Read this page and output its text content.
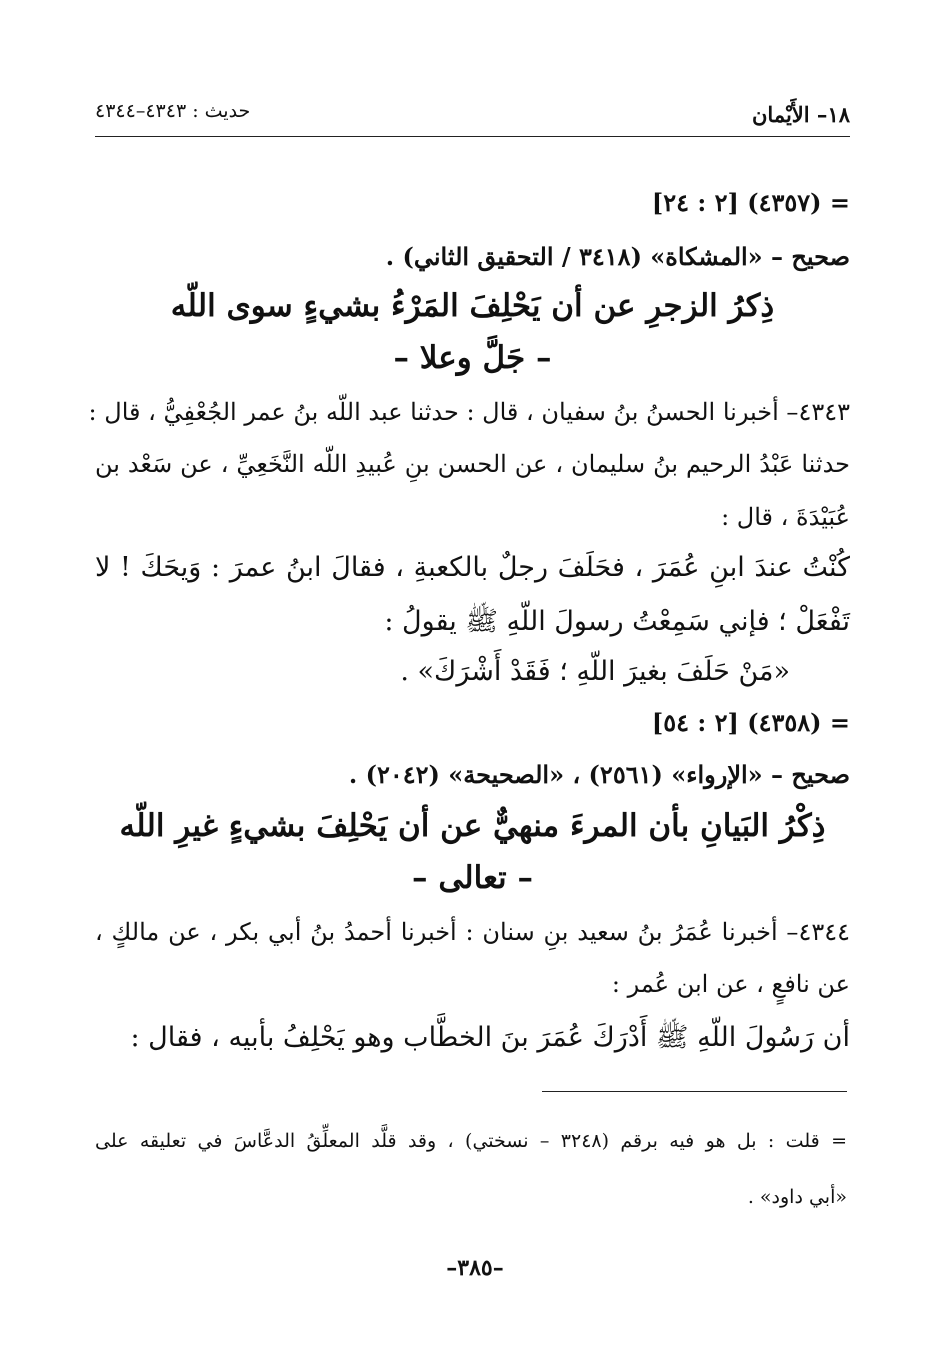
١٨– الأَيْمان
حديث : ٤٣٤٣–٤٣٤٤
= (٤٣٥٧) [٢ : ٢٤]
صحيح – «المشكاة» (٣٤١٨ / التحقيق الثاني) .
ذِكرُ الزجرِ عن أن يَحْلِفَ المَرْءُ بشيءٍ سوى اللّه
– جَلَّ وعلا –
٤٣٤٣– أخبرنا الحسنُ بنُ سفيان ، قال : حدثنا عبد اللّه بنُ عمر الجُعْفِيُّ ، قال :
حدثنا عَبْدُ الرحيم بنُ سليمان ، عن الحسن بنِ عُبيدِ اللّه النَّخَعِيِّ ، عن سَعْد بن
عُبَيْدَةَ ، قال :
كُنْتُ عندَ ابنِ عُمَرَ ، فحَلَفَ رجلٌ بالكعبةِ ، فقالَ ابنُ عمرَ : وَيحَكَ ! لا
تَفْعَلْ ؛ فإني سَمِعْتُ رسولَ اللّهِ ﷺ يقولُ :
«مَنْ حَلَفَ بغيرَ اللّهِ ؛ فَقَدْ أَشْرَكَ» .
= (٤٣٥٨) [٢ : ٥٤]
صحيح – «الإرواء» (٢٥٦١) ، «الصحيحة» (٢٠٤٢) .
ذِكْرُ البَيانِ بأن المرءَ منهيٌّ عن أن يَحْلِفَ بشيءٍ غيرِ اللّه
– تعالى –
٤٣٤٤– أخبرنا عُمَرُ بنُ سعيد بنِ سنان : أخبرنا أحمدُ بنُ أبي بكر ، عن مالكٍ ،
عن نافعٍ ، عن ابن عُمر :
أن رَسُولَ اللّهِ ﷺ أَدْرَكَ عُمَرَ بنَ الخطَّاب وهو يَحْلِفُ بأبيه ، فقال :
= قلت : بل هو فيه برقم (٣٢٤٨ – نسختي) ، وقد قلَّد المعلِّقُ الدعَّاسَ في تعليقه على
«أبي داود» .
–٣٨٥–
